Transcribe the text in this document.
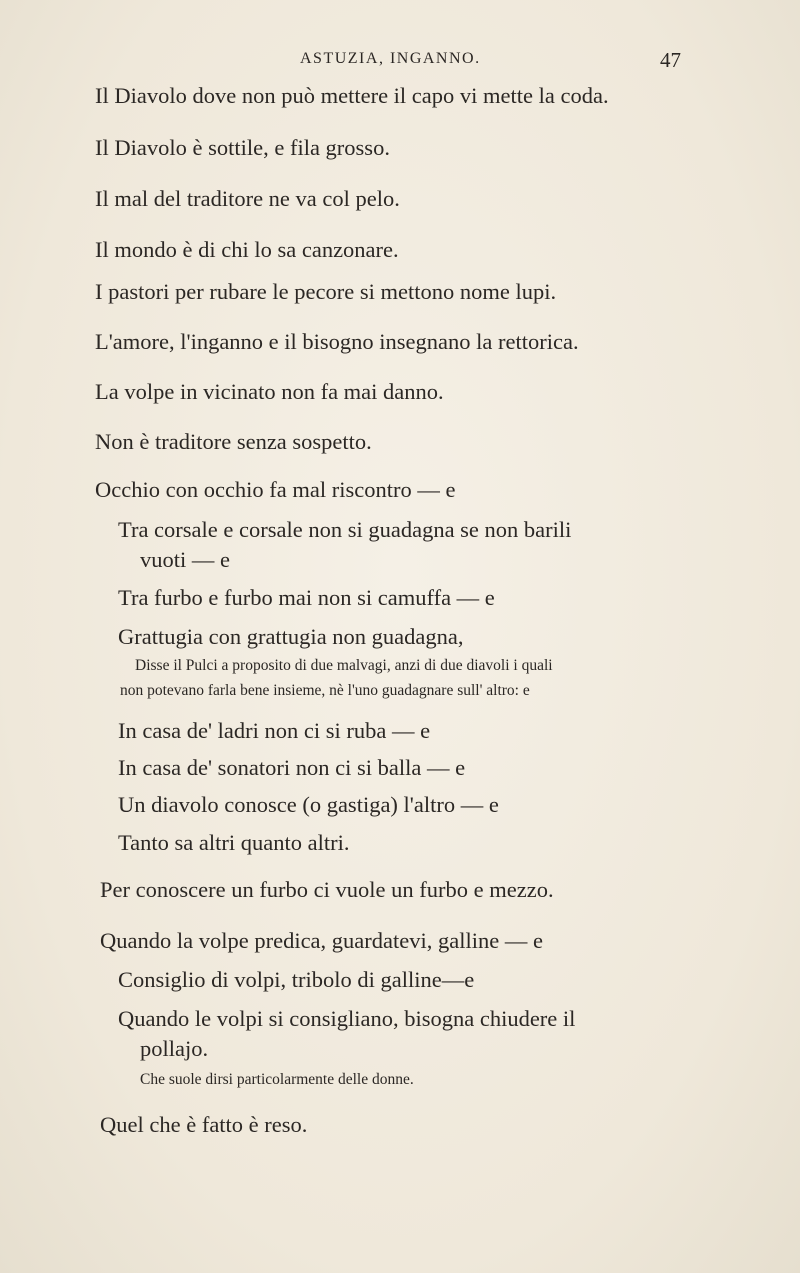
ASTUZIA, INGANNO.	47
Il Diavolo dove non può mettere il capo vi mette la coda.
Il Diavolo è sottile, e fila grosso.
Il mal del traditore ne va col pelo.
Il mondo è di chi lo sa canzonare.
I pastori per rubare le pecore si mettono nome lupi.
L'amore, l'inganno e il bisogno insegnano la rettorica.
La volpe in vicinato non fa mai danno.
Non è traditore senza sospetto.
Occhio con occhio fa mal riscontro — e
Tra corsale e corsale non si guadagna se non barili
vuoti — e
Tra furbo e furbo mai non si camuffa — e
Grattugia con grattugia non guadagna,
Disse il Pulci a proposito di due malvagi, anzi di due diavoli i quali
non potevano farla bene insieme, nè l'uno guadagnare sull' altro: e
In casa de' ladri non ci si ruba — e
In casa de' sonatori non ci si balla — e
Un diavolo conosce (o gastiga) l'altro — e
Tanto sa altri quanto altri.
Per conoscere un furbo ci vuole un furbo e mezzo.
Quando la volpe predica, guardatevi, galline — e
Consiglio di volpi, tribolo di galline—e
Quando le volpi si consigliano, bisogna chiudere il
pollajo.
Che suole dirsi particolarmente delle donne.
Quel che è fatto è reso.
